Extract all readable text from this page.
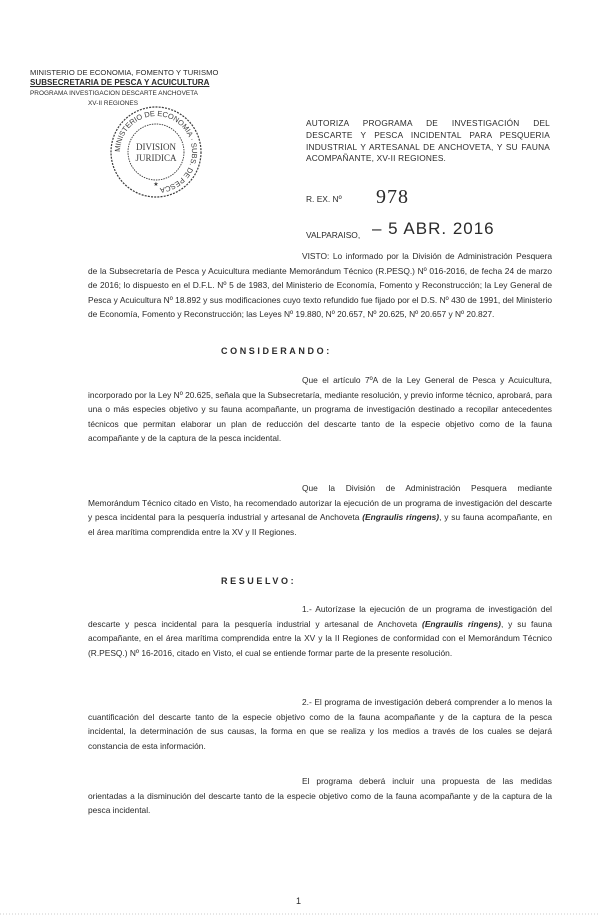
MINISTERIO DE ECONOMIA, FOMENTO Y TURISMO
SUBSECRETARIA DE PESCA Y ACUICULTURA
PROGRAMA INVESTIGACION DESCARTE ANCHOVETA
XV-II REGIONES
MINISTERIO DE ECONOMIA · SUBS. DE PESCA
DIVISION
JURIDICA
★
AUTORIZA PROGRAMA DE INVESTIGACIÓN DEL DESCARTE Y PESCA INCIDENTAL PARA PESQUERIA INDUSTRIAL Y ARTESANAL DE ANCHOVETA, Y SU FAUNA ACOMPAÑANTE, XV-II REGIONES.
R. EX. Nº 978
VALPARAISO, – 5 ABR. 2016

VISTO: Lo informado por la División de Administración Pesquera de la Subsecretaría de Pesca y Acuicultura mediante Memorándum Técnico (R.PESQ.) Nº 016-2016, de fecha 24 de marzo de 2016; lo dispuesto en el D.F.L. Nº 5 de 1983, del Ministerio de Economía, Fomento y Reconstrucción; la Ley General de Pesca y Acuicultura Nº 18.892 y sus modificaciones cuyo texto refundido fue fijado por el D.S. Nº 430 de 1991, del Ministerio de Economía, Fomento y Reconstrucción; las Leyes Nº 19.880, Nº 20.657, Nº 20.625, Nº 20.657 y Nº 20.827.

CONSIDERANDO:

Que el artículo 7ºA de la Ley General de Pesca y Acuicultura, incorporado por la Ley Nº 20.625, señala que la Subsecretaría, mediante resolución, y previo informe técnico, aprobará, para una o más especies objetivo y su fauna acompañante, un programa de investigación destinado a recopilar antecedentes técnicos que permitan elaborar un plan de reducción del descarte tanto de la especie objetivo como de la fauna acompañante y de la captura de la pesca incidental.

Que la División de Administración Pesquera mediante Memorándum Técnico citado en Visto, ha recomendado autorizar la ejecución de un programa de investigación del descarte y pesca incidental para la pesquería industrial y artesanal de Anchoveta (Engraulis ringens), y su fauna acompañante, en el área marítima comprendida entre la XV y II Regiones.

RESUELVO:

1.- Autorízase la ejecución de un programa de investigación del descarte y pesca incidental para la pesquería industrial y artesanal de Anchoveta (Engraulis ringens), y su fauna acompañante, en el área marítima comprendida entre la XV y la II Regiones de conformidad con el Memorándum Técnico (R.PESQ.) Nº 16-2016, citado en Visto, el cual se entiende formar parte de la presente resolución.

2.- El programa de investigación deberá comprender a lo menos la cuantificación del descarte tanto de la especie objetivo como de la fauna acompañante y de la captura de la pesca incidental, la determinación de sus causas, la forma en que se realiza y los medios a través de los cuales se dejará constancia de esta información.

El programa deberá incluir una propuesta de las medidas orientadas a la disminución del descarte tanto de la especie objetivo como de la fauna acompañante y de la captura de la pesca incidental.

1
